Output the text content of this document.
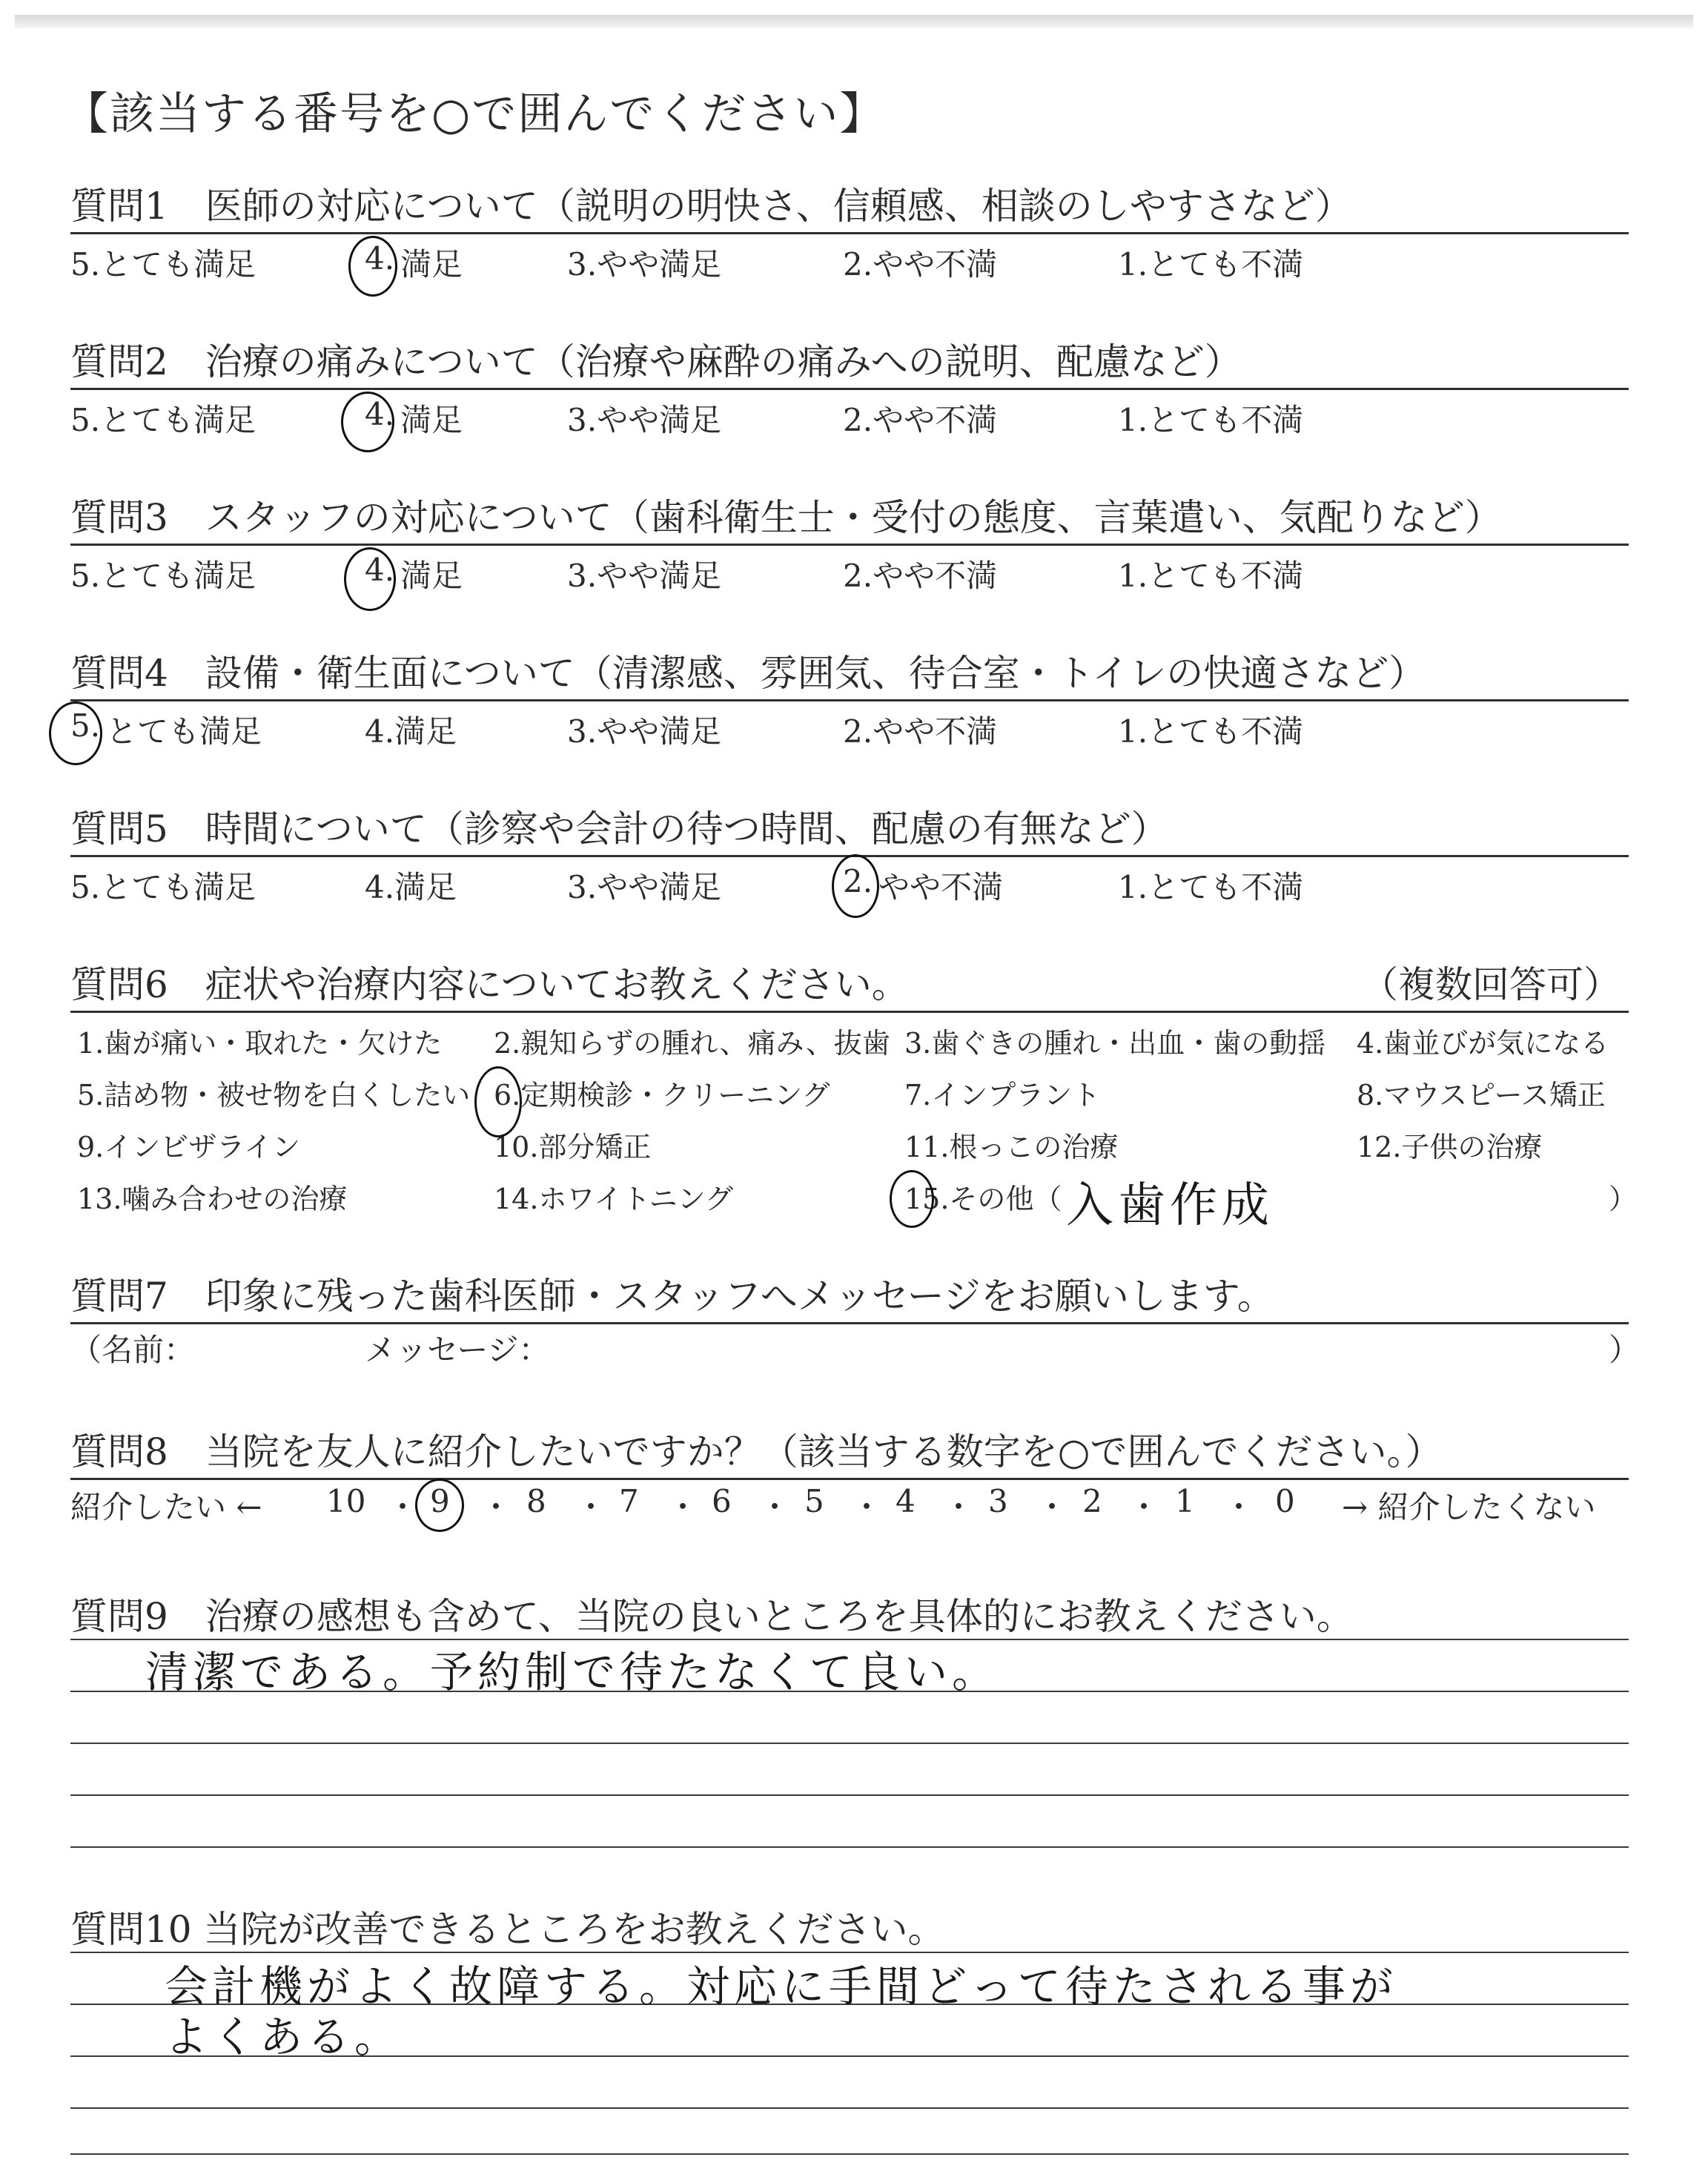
【該当する番号を○で囲んでください】
質問1　医師の対応について（説明の明快さ、信頼感、相談のしやすさなど）
5.とても満足	4. 満足	3.やや満足	2.やや不満	1.とても不満
質問2　治療の痛みについて（治療や麻酔の痛みへの説明、配慮など）
5.とても満足	4. 満足	3.やや満足	2.やや不満	1.とても不満
質問3　スタッフの対応について（歯科衛生士・受付の態度、言葉遣い、気配りなど）
5.とても満足	4. 満足	3.やや満足	2.やや不満	1.とても不満
質問4　設備・衛生面について（清潔感、雰囲気、待合室・トイレの快適さなど）
5. とても満足	4.満足	3.やや満足	2.やや不満	1.とても不満
質問5　時間について（診察や会計の待つ時間、配慮の有無など）
5.とても満足	4.満足	3.やや満足	2. やや不満	1.とても不満
質問6　症状や治療内容についてお教えください。	（複数回答可）
1.歯が痛い・取れた・欠けた 2.親知らずの腫れ、痛み、抜歯 3.歯ぐきの腫れ・出血・歯の動揺 4.歯並びが気になる
5.詰め物・被せ物を白くしたい 6.定期検診・クリーニング	7.インプラント	8.マウスピース矯正
9.インビザライン	10.部分矯正	11.根っこの治療	12.子供の治療
13.噛み合わせの治療	14.ホワイトニング	15.その他（	）
入歯作成
質問7　印象に残った歯科医師・スタッフへメッセージをお願いします。
（名前：	メッセージ：	）
質問8　当院を友人に紹介したいですか？（該当する数字を○で囲んでください。）
紹介したい ←	→ 紹介したくない
10 9 8 7 6 5 4 3 2 1	0
・ ・ ・ ・ ・ ・ ・ ・ ・ ・
質問9　治療の感想も含めて、当院の良いところを具体的にお教えください。
清潔である。予約制で待たなくて良い。
質問10 当院が改善できるところをお教えください。
会計機がよく故障する。対応に手間どって待たされる事が
よくある。
